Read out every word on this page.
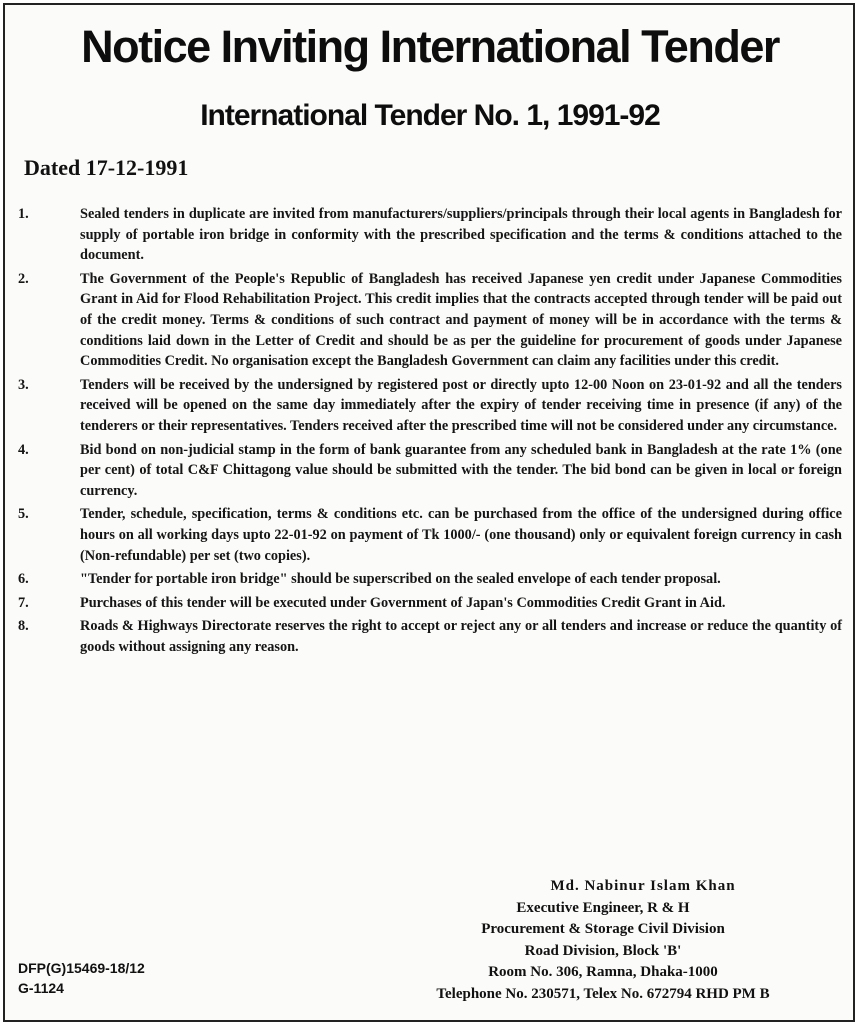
Notice Inviting International Tender
International Tender No. 1, 1991-92
Dated 17-12-1991
1.	Sealed tenders in duplicate are invited from manufacturers/suppliers/principals through their local agents in Bangladesh for supply of portable iron bridge in conformity with the prescribed specification and the terms & conditions attached to the document.
2.	The Government of the People's Republic of Bangladesh has received Japanese yen credit under Japanese Commodities Grant in Aid for Flood Rehabilitation Project. This credit implies that the contracts accepted through tender will be paid out of the credit money. Terms & conditions of such contract and payment of money will be in accordance with the terms & conditions laid down in the Letter of Credit and should be as per the guideline for procurement of goods under Japanese Commodities Credit. No organisation except the Bangladesh Government can claim any facilities under this credit.
3.	Tenders will be received by the undersigned by registered post or directly upto 12-00 Noon on 23-01-92 and all the tenders received will be opened on the same day immediately after the expiry of tender receiving time in presence (if any) of the tenderers or their representatives. Tenders received after the prescribed time will not be considered under any circumstance.
4.	Bid bond on non-judicial stamp in the form of bank guarantee from any scheduled bank in Bangladesh at the rate 1% (one per cent) of total C&F Chittagong value should be submitted with the tender. The bid bond can be given in local or foreign currency.
5.	Tender, schedule, specification, terms & conditions etc. can be purchased from the office of the undersigned during office hours on all working days upto 22-01-92 on payment of Tk 1000/- (one thousand) only or equivalent foreign currency in cash (Non-refundable) per set (two copies).
6.	"Tender for portable iron bridge" should be superscribed on the sealed envelope of each tender proposal.
7.	Purchases of this tender will be executed under Government of Japan's Commodities Credit Grant in Aid.
8.	Roads & Highways Directorate reserves the right to accept or reject any or all tenders and increase or reduce the quantity of goods without assigning any reason.
Md. Nabinur Islam Khan
Executive Engineer, R & H
Procurement & Storage Civil Division
Road Division, Block 'B'
Room No. 306, Ramna, Dhaka-1000
Telephone No. 230571, Telex No. 672794 RHD PM B
DFP(G)15469-18/12
G-1124
